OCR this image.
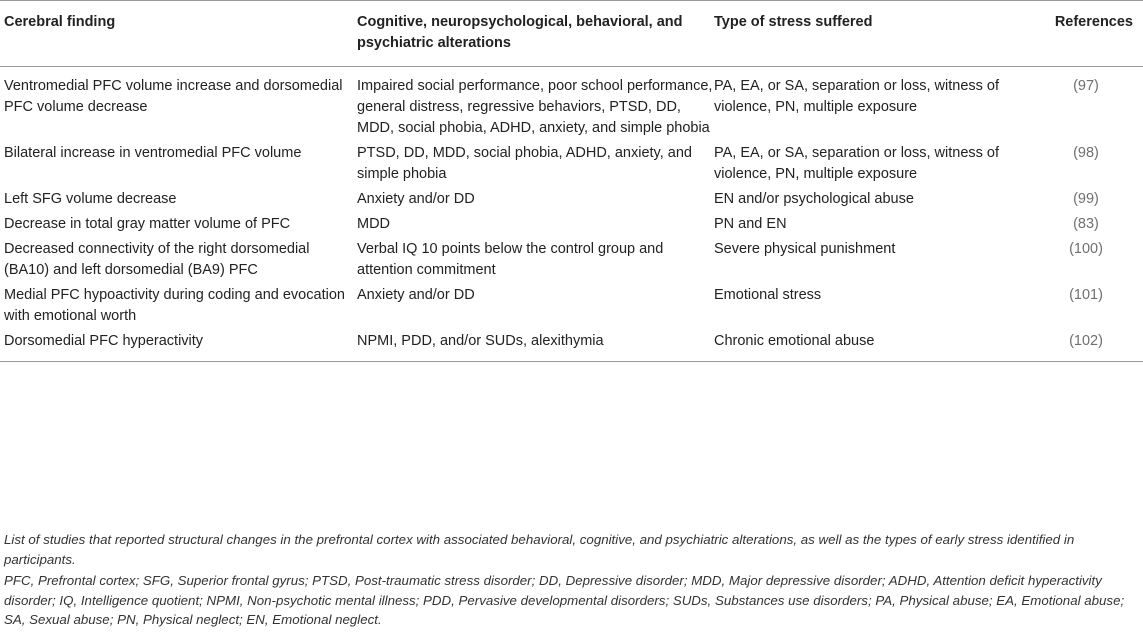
Cerebral finding	Cognitive, neuropsychological, behavioral, and psychiatric alterations	Type of stress suffered	References
Ventromedial PFC volume increase and dorsomedial PFC volume decrease	Impaired social performance, poor school performance, general distress, regressive behaviors, PTSD, DD, MDD, social phobia, ADHD, anxiety, and simple phobia	PA, EA, or SA, separation or loss, witness of violence, PN, multiple exposure	(97)
Bilateral increase in ventromedial PFC volume	PTSD, DD, MDD, social phobia, ADHD, anxiety, and simple phobia	PA, EA, or SA, separation or loss, witness of violence, PN, multiple exposure	(98)
Left SFG volume decrease	Anxiety and/or DD	EN and/or psychological abuse	(99)
Decrease in total gray matter volume of PFC	MDD	PN and EN	(83)
Decreased connectivity of the right dorsomedial (BA10) and left dorsomedial (BA9) PFC	Verbal IQ 10 points below the control group and attention commitment	Severe physical punishment	(100)
Medial PFC hypoactivity during coding and evocation with emotional worth	Anxiety and/or DD	Emotional stress	(101)
Dorsomedial PFC hyperactivity	NPMI, PDD, and/or SUDs, alexithymia	Chronic emotional abuse	(102)

List of studies that reported structural changes in the prefrontal cortex with associated behavioral, cognitive, and psychiatric alterations, as well as the types of early stress identified in participants.

PFC, Prefrontal cortex; SFG, Superior frontal gyrus; PTSD, Post-traumatic stress disorder; DD, Depressive disorder; MDD, Major depressive disorder; ADHD, Attention deficit hyperactivity disorder; IQ, Intelligence quotient; NPMI, Non-psychotic mental illness; PDD, Pervasive developmental disorders; SUDs, Substances use disorders; PA, Physical abuse; EA, Emotional abuse; SA, Sexual abuse; PN, Physical neglect; EN, Emotional neglect.
